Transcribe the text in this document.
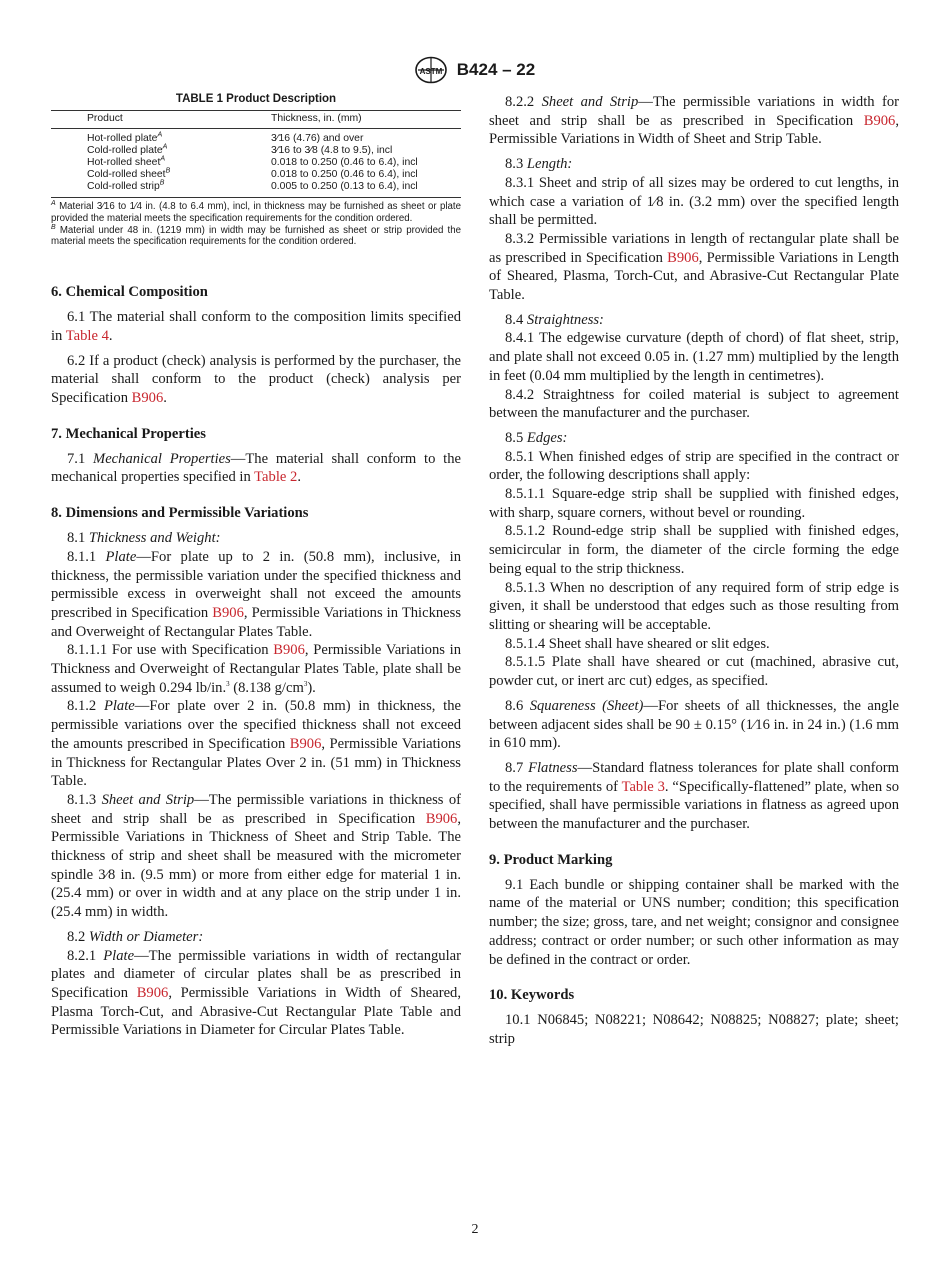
ASTM B424 – 22
TABLE 1 Product Description
Product	Thickness, in. (mm)
Hot-rolled plate$^A$	3⁄16 (4.76) and over
Cold-rolled plate$^A$	3⁄16 to 3⁄8 (4.8 to 9.5), incl
Hot-rolled sheet$^A$	0.018 to 0.250 (0.46 to 6.4), incl
Cold-rolled sheet$^B$	0.018 to 0.250 (0.46 to 6.4), incl
Cold-rolled strip$^B$	0.005 to 0.250 (0.13 to 6.4), incl
$^A$ Material 3⁄16 to 1⁄4 in. (4.8 to 6.4 mm), incl, in thickness may be furnished as sheet or plate provided the material meets the specification requirements for the condition ordered.
$^B$ Material under 48 in. (1219 mm) in width may be furnished as sheet or strip provided the material meets the specification requirements for the condition ordered.
6. Chemical Composition

6.1 The material shall conform to the composition limits specified in Table 4.

6.2 If a product (check) analysis is performed by the purchaser, the material shall conform to the product (check) analysis per Specification B906.

7. Mechanical Properties

7.1 Mechanical Properties—The material shall conform to the mechanical properties specified in Table 2.

8. Dimensions and Permissible Variations

8.1 Thickness and Weight:

8.1.1 Plate—For plate up to 2 in. (50.8 mm), inclusive, in thickness, the permissible variation under the specified thickness and permissible excess in overweight shall not exceed the amounts prescribed in Specification B906, Permissible Variations in Thickness and Overweight of Rectangular Plates Table.

8.1.1.1 For use with Specification B906, Permissible Variations in Thickness and Overweight of Rectangular Plates Table, plate shall be assumed to weigh 0.294 lb/in.$^3$ (8.138 $g/cm^3$).

8.1.2 Plate—For plate over 2 in. (50.8 mm) in thickness, the permissible variations over the specified thickness shall not exceed the amounts prescribed in Specification B906, Permissible Variations in Thickness for Rectangular Plates Over 2 in. (51 mm) in Thickness Table.

8.1.3 Sheet and Strip—The permissible variations in thickness of sheet and strip shall be as prescribed in Specification B906, Permissible Variations in Thickness of Sheet and Strip Table. The thickness of strip and sheet shall be measured with the micrometer spindle 3⁄8 in. (9.5 mm) or more from either edge for material 1 in. (25.4 mm) or over in width and at any place on the strip under 1 in. (25.4 mm) in width.

8.2 Width or Diameter:

8.2.1 Plate—The permissible variations in width of rectangular plates and diameter of circular plates shall be as prescribed in Specification B906, Permissible Variations in Width of Sheared, Plasma Torch-Cut, and Abrasive-Cut Rectangular Plate Table and Permissible Variations in Diameter for Circular Plates Table.

8.2.2 Sheet and Strip—The permissible variations in width for sheet and strip shall be as prescribed in Specification B906, Permissible Variations in Width of Sheet and Strip Table.

8.3 Length:

8.3.1 Sheet and strip of all sizes may be ordered to cut lengths, in which case a variation of 1⁄8 in. (3.2 mm) over the specified length shall be permitted.

8.3.2 Permissible variations in length of rectangular plate shall be as prescribed in Specification B906, Permissible Variations in Length of Sheared, Plasma, Torch-Cut, and Abrasive-Cut Rectangular Plate Table.

8.4 Straightness:

8.4.1 The edgewise curvature (depth of chord) of flat sheet, strip, and plate shall not exceed 0.05 in. (1.27 mm) multiplied by the length in feet (0.04 mm multiplied by the length in centimetres).

8.4.2 Straightness for coiled material is subject to agreement between the manufacturer and the purchaser.

8.5 Edges:

8.5.1 When finished edges of strip are specified in the contract or order, the following descriptions shall apply:

8.5.1.1 Square-edge strip shall be supplied with finished edges, with sharp, square corners, without bevel or rounding.

8.5.1.2 Round-edge strip shall be supplied with finished edges, semicircular in form, the diameter of the circle forming the edge being equal to the strip thickness.

8.5.1.3 When no description of any required form of strip edge is given, it shall be understood that edges such as those resulting from slitting or shearing will be acceptable.

8.5.1.4 Sheet shall have sheared or slit edges.

8.5.1.5 Plate shall have sheared or cut (machined, abrasive cut, powder cut, or inert arc cut) edges, as specified.

8.6 Squareness (Sheet)—For sheets of all thicknesses, the angle between adjacent sides shall be 90 ± 0.15° (1⁄16 in. in 24 in.) (1.6 mm in 610 mm).

8.7 Flatness—Standard flatness tolerances for plate shall conform to the requirements of Table 3. “Specifically-flattened” plate, when so specified, shall have permissible variations in flatness as agreed upon between the manufacturer and the purchaser.

9. Product Marking

9.1 Each bundle or shipping container shall be marked with the name of the material or UNS number; condition; this specification number; the size; gross, tare, and net weight; consignor and consignee address; contract or order number; or such other information as may be defined in the contract or order.

10. Keywords

10.1 N06845; N08221; N08642; N08825; N08827; plate; sheet; strip

2
